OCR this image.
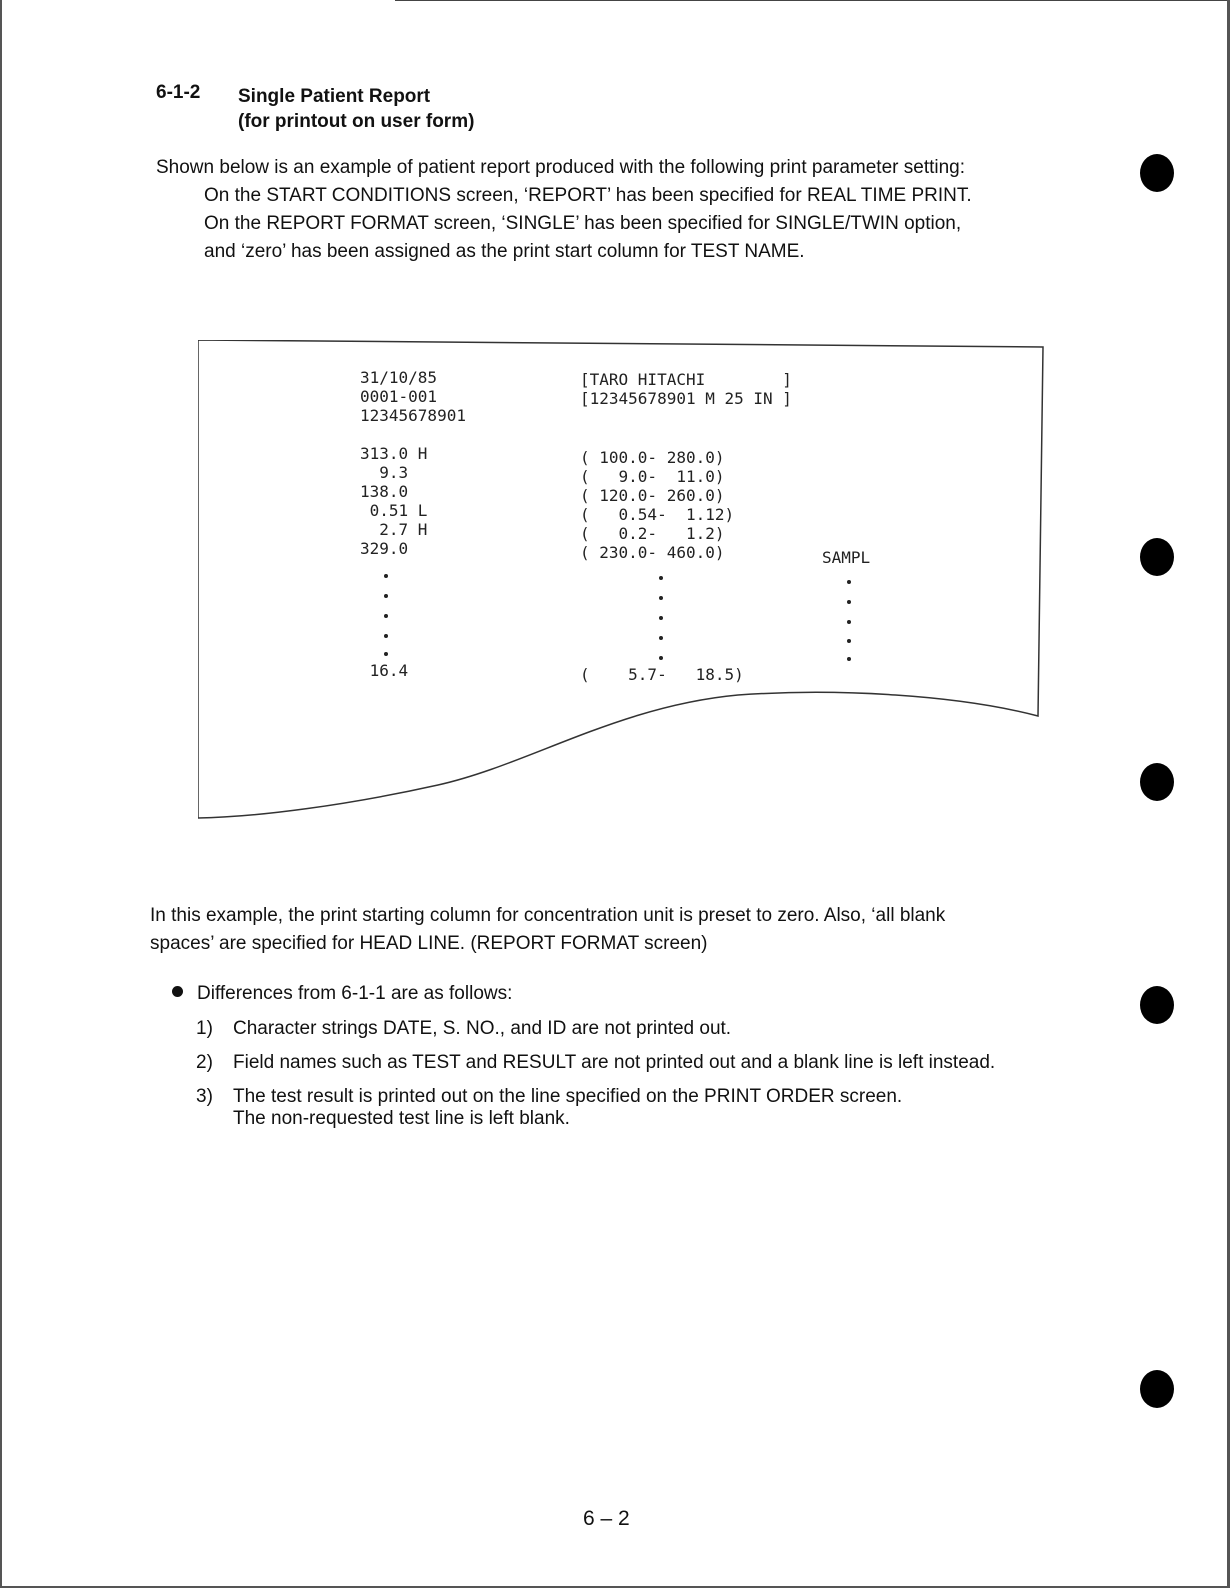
6-1-2 Single Patient Report
(for printout on user form)
Shown below is an example of patient report produced with the following print parameter setting:
On the START CONDITIONS screen, ‘REPORT’ has been specified for REAL TIME PRINT.
On the REPORT FORMAT screen, ‘SINGLE’ has been specified for SINGLE/TWIN option,
and ‘zero’ has been assigned as the print start column for TEST NAME.
31/10/85
0001-001
12345678901
[TARO HITACHI        ]
[12345678901 M 25 IN ]
313.0 H
9.3
138.0
0.51 L
2.7 H
329.0
( 100.0- 280.0)
(   9.0-  11.0)
( 120.0- 260.0)
(   0.54-  1.12)
(   0.2-   1.2)
( 230.0- 460.0)	SAMPL
16.4	(    5.7-   18.5)
In this example, the print starting column for concentration unit is preset to zero. Also, ‘all blank
spaces’ are specified for HEAD LINE. (REPORT FORMAT screen)
Differences from 6-1-1 are as follows:
1) Character strings DATE, S. NO., and ID are not printed out.
2) Field names such as TEST and RESULT are not printed out and a blank line is left instead.
3) The test result is printed out on the line specified on the PRINT ORDER screen.
The non-requested test line is left blank.
6 – 2
